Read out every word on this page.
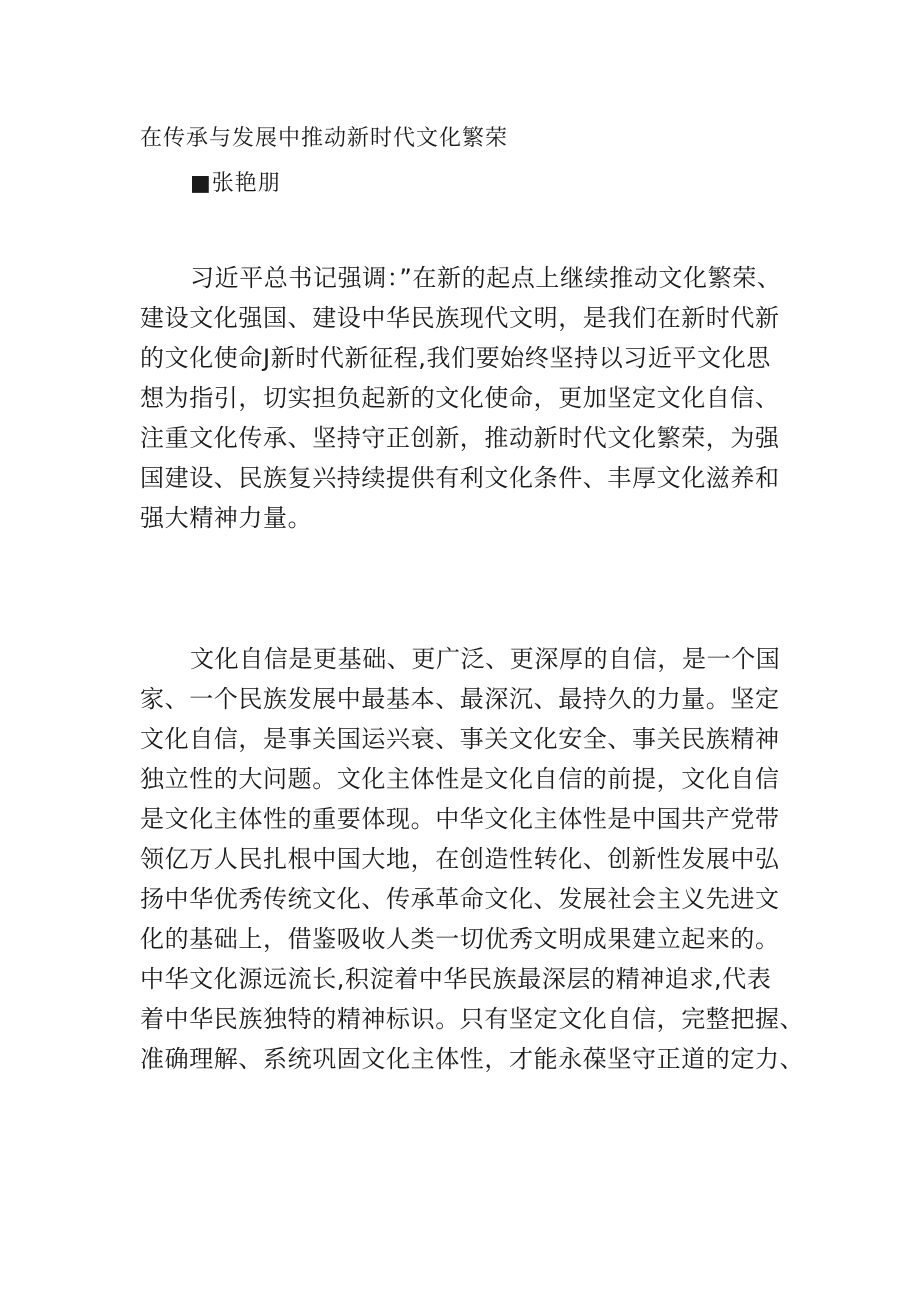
在传承与发展中推动新时代文化繁荣
■张艳朋
习近平总书记强调：”在新的起点上继续推动文化繁荣、
建设文化强国、建设中华民族现代文明，是我们在新时代新
的文化使命J新时代新征程,我们要始终坚持以习近平文化思
想为指引，切实担负起新的文化使命，更加坚定文化自信、
注重文化传承、坚持守正创新，推动新时代文化繁荣，为强
国建设、民族复兴持续提供有利文化条件、丰厚文化滋养和
强大精神力量。
文化自信是更基础、更广泛、更深厚的自信，是一个国
家、一个民族发展中最基本、最深沉、最持久的力量。坚定
文化自信，是事关国运兴衰、事关文化安全、事关民族精神
独立性的大问题。文化主体性是文化自信的前提，文化自信
是文化主体性的重要体现。中华文化主体性是中国共产党带
领亿万人民扎根中国大地，在创造性转化、创新性发展中弘
扬中华优秀传统文化、传承革命文化、发展社会主义先进文
化的基础上，借鉴吸收人类一切优秀文明成果建立起来的。
中华文化源远流长,积淀着中华民族最深层的精神追求,代表
着中华民族独特的精神标识。只有坚定文化自信，完整把握、
准确理解、系统巩固文化主体性，才能永葆坚守正道的定力、
